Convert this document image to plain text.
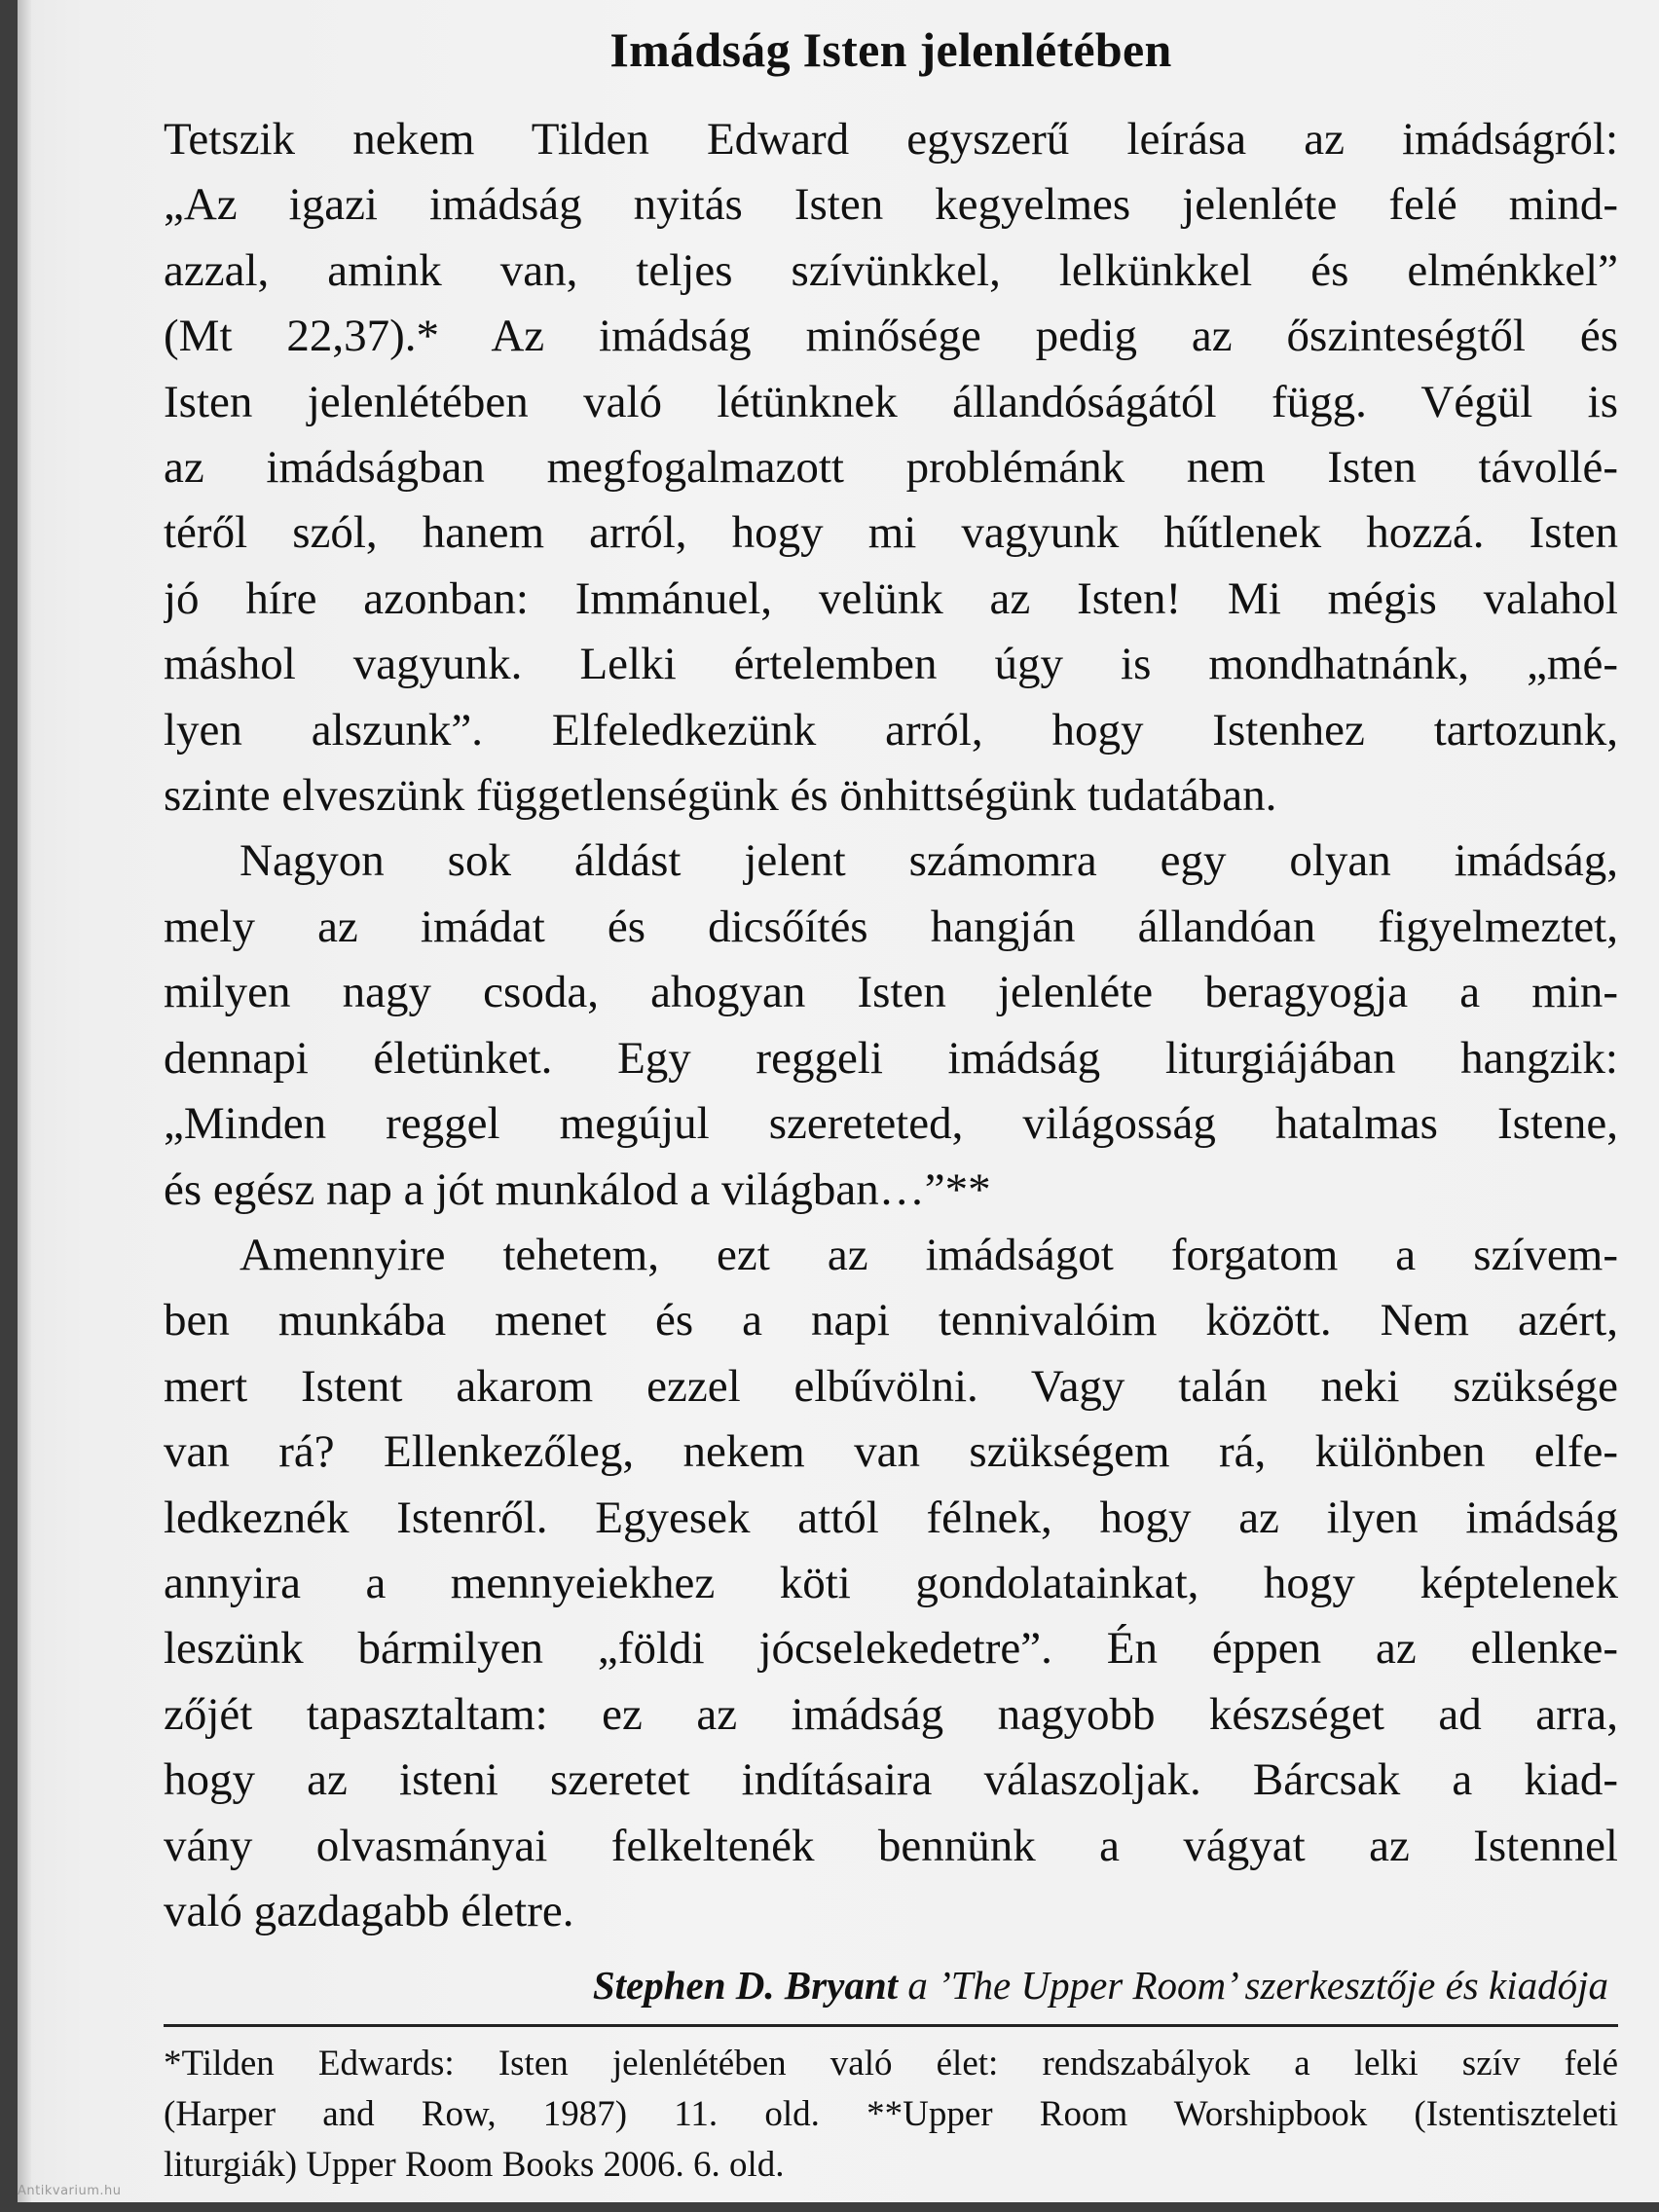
Imádság Isten jelenlétében
Tetszik nekem Tilden Edward egyszerű leírása az imádságról:
„Az igazi imádság nyitás Isten kegyelmes jelenléte felé mind-
azzal, amink van, teljes szívünkkel, lelkünkkel és elménkkel”
(Mt 22,37).* Az imádság minősége pedig az őszinteségtől és
Isten jelenlétében való létünknek állandóságától függ. Végül is
az imádságban megfogalmazott problémánk nem Isten távollé-
téről szól, hanem arról, hogy mi vagyunk hűtlenek hozzá. Isten
jó híre azonban: Immánuel, velünk az Isten! Mi mégis valahol
máshol vagyunk. Lelki értelemben úgy is mondhatnánk, „mé-
lyen alszunk”. Elfeledkezünk arról, hogy Istenhez tartozunk,
szinte elveszünk függetlenségünk és önhittségünk tudatában.
Nagyon sok áldást jelent számomra egy olyan imádság,
mely az imádat és dicsőítés hangján állandóan figyelmeztet,
milyen nagy csoda, ahogyan Isten jelenléte beragyogja a min-
dennapi életünket. Egy reggeli imádság liturgiájában hangzik:
„Minden reggel megújul szereteted, világosság hatalmas Istene,
és egész nap a jót munkálod a világban…”**
Amennyire tehetem, ezt az imádságot forgatom a szívem-
ben munkába menet és a napi tennivalóim között. Nem azért,
mert Istent akarom ezzel elbűvölni. Vagy talán neki szüksége
van rá? Ellenkezőleg, nekem van szükségem rá, különben elfe-
ledkeznék Istenről. Egyesek attól félnek, hogy az ilyen imádság
annyira a mennyeiekhez köti gondolatainkat, hogy képtelenek
leszünk bármilyen „földi jócselekedetre”. Én éppen az ellenke-
zőjét tapasztaltam: ez az imádság nagyobb készséget ad arra,
hogy az isteni szeretet indításaira válaszoljak. Bárcsak a kiad-
vány olvasmányai felkeltenék bennünk a vágyat az Istennel
való gazdagabb életre.
Stephen D. Bryant a ’The Upper Room’ szerkesztője és kiadója
*Tilden Edwards: Isten jelenlétében való élet: rendszabályok a lelki szív felé
(Harper and Row, 1987) 11. old. **Upper Room Worshipbook (Istentiszteleti
liturgiák) Upper Room Books 2006. 6. old.
Antikvarium.hu
